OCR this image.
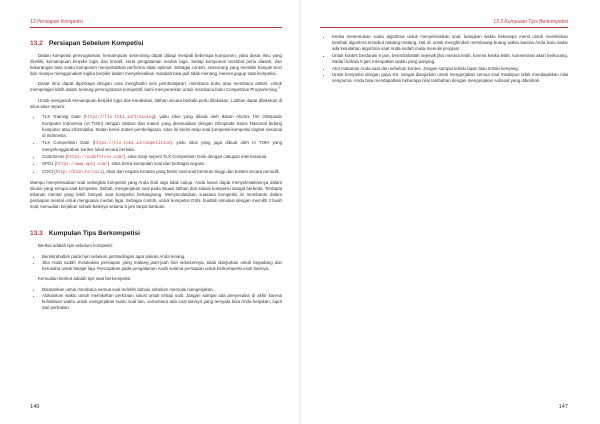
13 Persiapan Kompetisi
13.2 Persiapan Sebelum Kompetisi

Dalam kompetisi pemrograman, kemampuan seseorang dapat dibagi menjadi beberapa komponen, yaitu dasar ilmu yang dimiliki, kemampuan berpikir logis dan kreatif, serta pengalaman medan laga. Setiap komponen tersebut perlu diasah, dan kekurangan atas suatu komponen menyebabkan performa tidak optimal. Sebagai contoh, seseorang yang memiliki banyak teori dan mampu menggunakan logika berpikir dalam menyelesaikan masalah bisa jadi tidak menang, karena gugup saat kompetisi.

Dasar ilmu dapat diperkaya dengan cara menghadiri sesi pembelajaran, membaca buku atau membaca artikel. Untuk mempelajari lebih dalam tentang pemrograman kompetitif, kami menyarankan untuk membaca buku Competitive Programming.$^3$

Untuk mengasah kemampuan berpikir logis dan kreativitas, latihan secara berkala perlu dilakukan. Latihan dapat dilakukan di situs-situs seperti:

• TLX Training Gate (https://tlx.toki.id/training), yaitu situs yang dibuat oleh Ikatan Alumni Tim Olimpiade Komputer Indonesia (IA TOKI) dengan silabus dan materi yang disesuaikan dengan Olimpiade Sains Nasional bidang komputer atau informatika. Selain berisi materi pembelajaran, situs ini berisi arsip soal kompetisi-kompetisi tingkat nasional di Indonesia.
• TLX Competition Gate (https://tlx.toki.id/competition), yaitu situs yang juga dibuat oleh IA TOKI yang menyelenggarakan kontes lokal secara berkala.
• Codeforces (https://codeforces.com/), situs mirip seperti TLX Competition Gate dengan cakupan internasional.
• SPOJ (https://www.spoj.com/), situs berisi kumpulan soal dari berbagai negara.
• COCI (http://hsin.hr/coci), situs dari negara Kroasia yang berisi soal-soal bermutu tinggi dan kontes secara periodik.

Mampu menyelesaikan soal sebingkat kompetisi yang Anda ikuti saja tidak cukup. Anda harus dapat menyelesaikannya dalam situasi yang serupa saat kompetisi. Sebab, mengerjakan soal pada situasi latihan dan situasi kompetisi sangat berbeda. Terdapat tekanan mental yang lebih banyak saat kompetisi berlangsung. Menyimulasikan suasana kompetisi ini membantu dalam persiapan mental untuk menguasai medan laga. Sebagai contoh, untuk kompetisi OSN, buatlah simulasi dengan memilih 3 buah soal, kemudian kerjakan sebaik-baiknya selama 5 jam tanpa bantuan.

13.3 Kumpulan Tips Berkompetisi

Berikut adalah tips sebelum kompetisi:

• Beristirahatlah pada hari sebelum pertandingan agar pikiran Anda tenang.
• Jika Anda sudah melakukan persiapan yang matang jauh-jauh hari sebelumnya, tidak dianjurkan untuk begadang dan berusaha untuk belajar lagi. Percayakan pada pengalaman Anda selama persiapan untuk berkompetisi esok harinya.

Kemudian berikut adalah tips saat berkompetisi:

• Disarankan untuk membaca semua soal terlebih dahulu sebelum memulai mengerjakan.
• Alokasikan waktu untuk memikirkan perkiraan solusi untuk setiap soal. Jangan sampai ada penyesalan di akhir karena kehabisan waktu untuk mengerjakan suatu soal lain, sementara ada soal lainnya yang ternyata bisa Anda kerjakan, luput dari perhatian.
146
13.3 Kumpulan Tips Berkompetisi
• Ketika menemukan suatu algoritma untuk menyelesaikan soal, luangkan waktu beberapa menit untuk memikirkan kembali algoritma tersebut matang-matang. Hal ini untuk menghindari membuang-buang waktu karena Anda baru sadar ada kesalahan algoritma saat Anda sudah mulai menulis program.
• Untuk kontes berdurasi 5 jam, beristirahatlah sejenak jika merasa lelah, karena ketika lelah, konsentrasi akan berkurang. Sadari bahwa 5 jam merupakan waktu yang panjang.
• Atur makanan Anda saat dan sebelum kontes. Jangan sampai terlalu lapar atau terlalu kenyang.
• Untuk kompetisi dengan gaya IOI, sangat dianjurkan untuk mengerjakan semua soal meskipun tidak mendapatkan nilai sempurna. Anda bisa mendapatkan beberapa nilai tambahan dengan mengerjakan subsoal yang diberikan.
147
